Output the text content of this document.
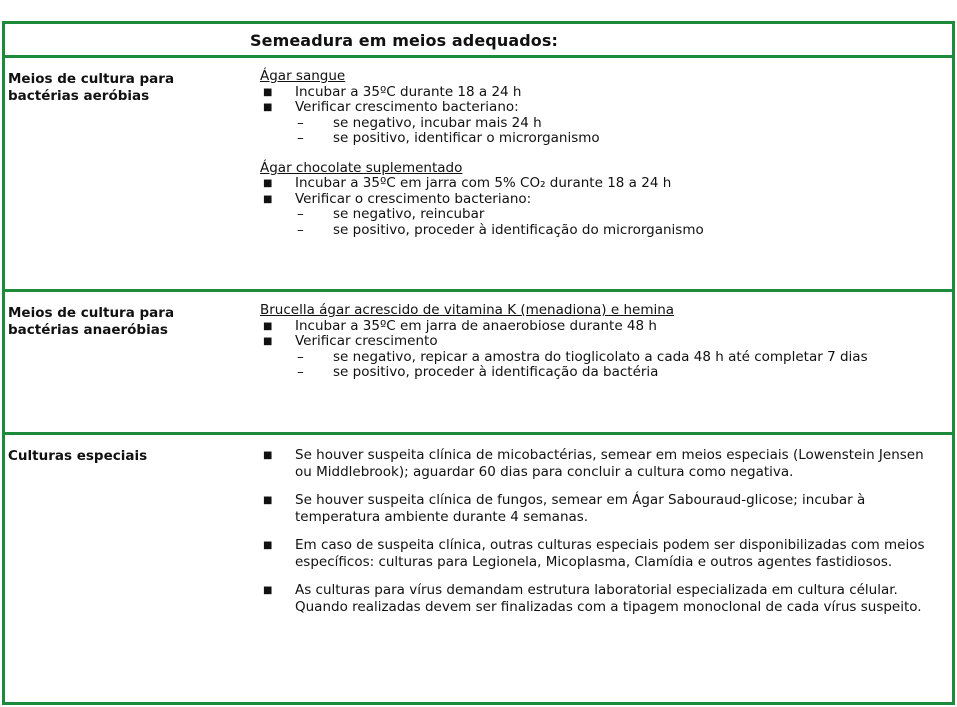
Semeadura em meios adequados:
Meios de cultura para
bactérias aeróbias
Ágar sangue
■ Incubar a 35ºC durante 18 a 24 h
■ Verificar crescimento bacteriano:
– se negativo, incubar mais 24 h
– se positivo, identificar o microrganismo
Ágar chocolate suplementado
■ Incubar a 35ºC em jarra com 5% CO₂ durante 18 a 24 h
■ Verificar o crescimento bacteriano:
– se negativo, reincubar
– se positivo, proceder à identificação do microrganismo
Meios de cultura para
bactérias anaeróbias
Brucella ágar acrescido de vitamina K (menadiona) e hemina
■ Incubar a 35ºC em jarra de anaerobiose durante 48 h
■ Verificar crescimento
– se negativo, repicar a amostra do tioglicolato a cada 48 h até completar 7 dias
– se positivo, proceder à identificação da bactéria
Culturas especiais	■ Se houver suspeita clínica de micobactérias, semear em meios especiais (Lowenstein Jensen ou Middlebrook); aguardar 60 dias para concluir a cultura como negativa.
■ Se houver suspeita clínica de fungos, semear em Ágar Sabouraud-glicose; incubar à temperatura ambiente durante 4 semanas.
■ Em caso de suspeita clínica, outras culturas especiais podem ser disponibilizadas com meios específicos: culturas para Legionela, Micoplasma, Clamídia e outros agentes fastidiosos.
■ As culturas para vírus demandam estrutura laboratorial especializada em cultura célular. Quando realizadas devem ser finalizadas com a tipagem monoclonal de cada vírus suspeito.
